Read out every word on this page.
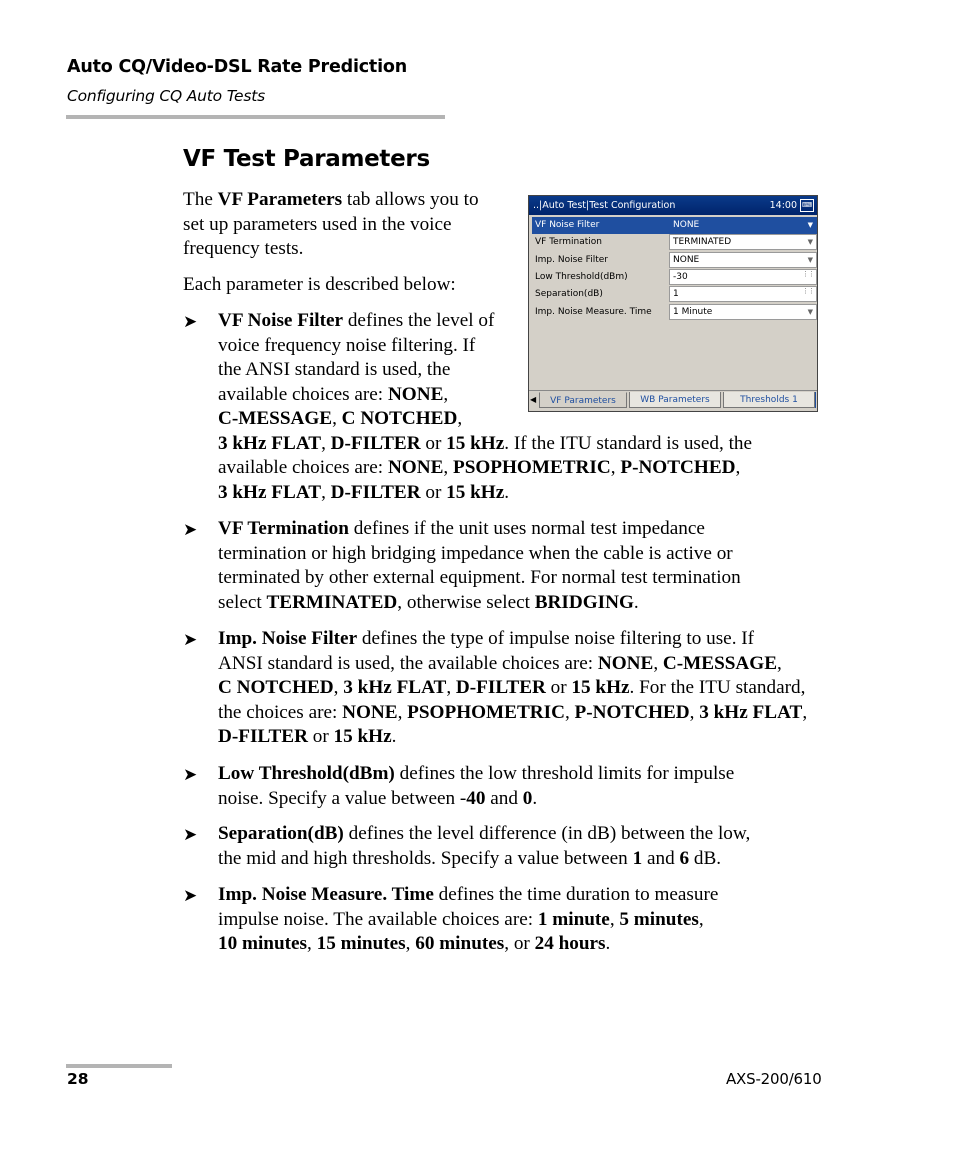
Auto CQ/Video-DSL Rate Prediction
Configuring CQ Auto Tests
VF Test Parameters
The VF Parameters tab allows you to
set up parameters used in the voice
frequency tests.
Each parameter is described below:
➤ VF Noise Filter defines the level of
voice frequency noise filtering. If
the ANSI standard is used, the
available choices are: NONE,
C-MESSAGE, C NOTCHED,
3 kHz FLAT, D-FILTER or 15 kHz. If the ITU standard is used, the
available choices are: NONE, PSOPHOMETRIC, P-NOTCHED,
3 kHz FLAT, D-FILTER or 15 kHz.
➤ VF Termination defines if the unit uses normal test impedance
termination or high bridging impedance when the cable is active or
terminated by other external equipment. For normal test termination
select TERMINATED, otherwise select BRIDGING.
➤ Imp. Noise Filter defines the type of impulse noise filtering to use. If
ANSI standard is used, the available choices are: NONE, C-MESSAGE,
C NOTCHED, 3 kHz FLAT, D-FILTER or 15 kHz. For the ITU standard,
the choices are: NONE, PSOPHOMETRIC, P-NOTCHED, 3 kHz FLAT,
D-FILTER or 15 kHz.
➤ Low Threshold(dBm) defines the low threshold limits for impulse
noise. Specify a value between -40 and 0.
➤ Separation(dB) defines the level difference (in dB) between the low,
the mid and high thresholds. Specify a value between 1 and 6 dB.
➤ Imp. Noise Measure. Time defines the time duration to measure
impulse noise. The available choices are: 1 minute, 5 minutes,
10 minutes, 15 minutes, 60 minutes, or 24 hours.
..|Auto Test|Test Configuration	14:00 ⌨
VF Noise Filter	NONE	▼
VF Termination	TERMINATED	▼
Imp. Noise Filter	NONE	▼
Low Threshold(dBm)	-30	⋮⋮
Separation(dB)	1	⋮⋮
Imp. Noise Measure. Time	1 Minute	▼
◀	VF Parameters	WB Parameters	Thresholds 1
28	AXS-200/610
